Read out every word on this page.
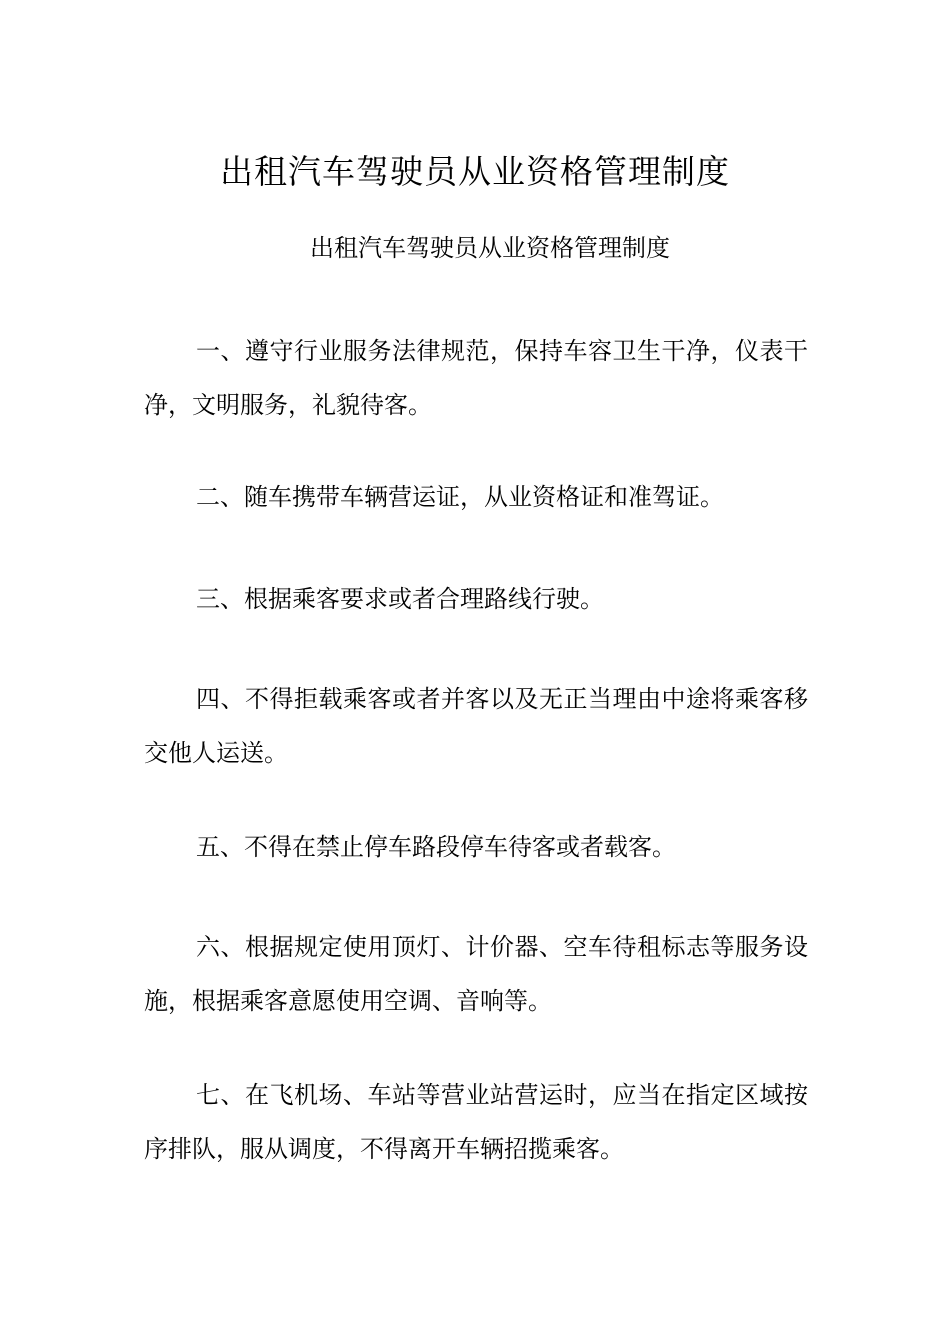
出租汽车驾驶员从业资格管理制度
出租汽车驾驶员从业资格管理制度

一、遵守行业服务法律规范，保持车容卫生干净，仪表干净，文明服务，礼貌待客。

二、随车携带车辆营运证，从业资格证和准驾证。

三、根据乘客要求或者合理路线行驶。

四、不得拒载乘客或者并客以及无正当理由中途将乘客移交他人运送。

五、不得在禁止停车路段停车待客或者载客。

六、根据规定使用顶灯、计价器、空车待租标志等服务设施，根据乘客意愿使用空调、音响等。

七、在飞机场、车站等营业站营运时，应当在指定区域按序排队，服从调度，不得离开车辆招揽乘客。
